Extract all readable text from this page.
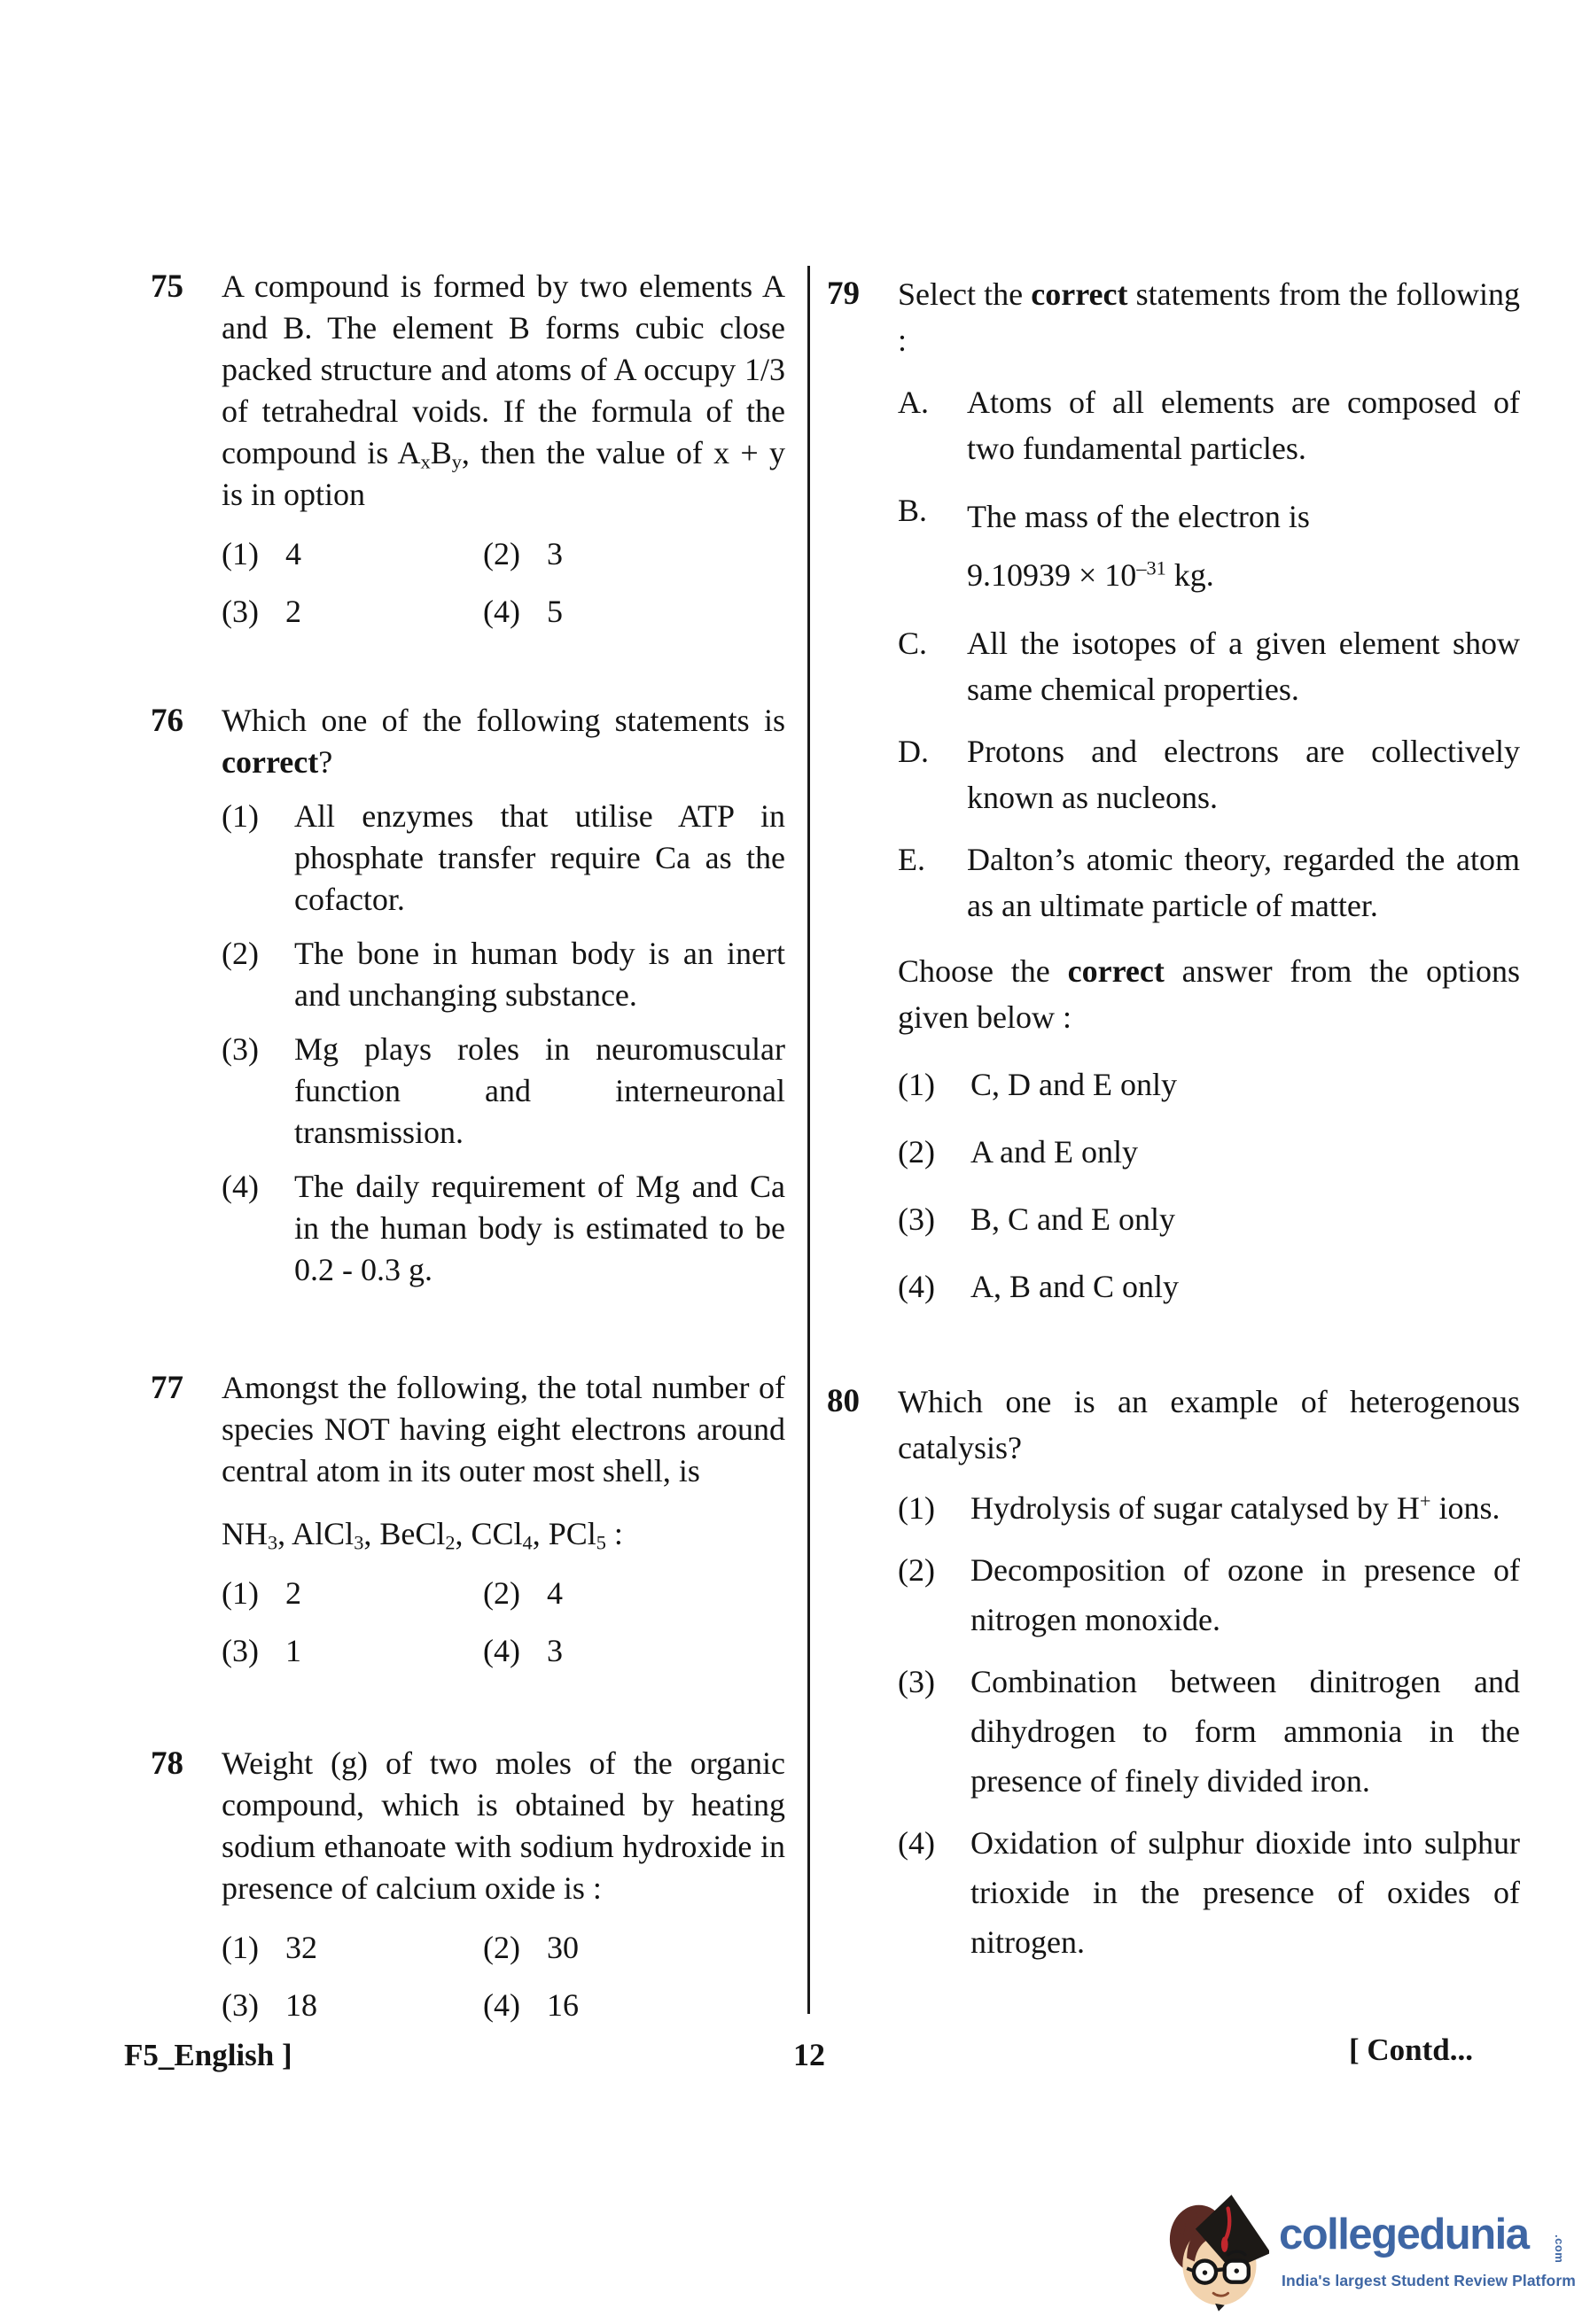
75	A compound is formed by two elements A and B. The element B forms cubic close packed structure and atoms of A occupy 1/3 of tetrahedral voids. If the formula of the compound is $A_xB_y$, then the value of x + y is in option

(1) 4	(2) 3
(3) 2	(4) 5
76	Which one of the following statements is correct?

(1)	All enzymes that utilise ATP in phosphate transfer require Ca as the cofactor.
(2)	The bone in human body is an inert and unchanging substance.
(3)	Mg plays roles in neuromuscular function and interneuronal transmission.
(4)	The daily requirement of Mg and Ca in the human body is estimated to be 0.2 - 0.3 g.
77	Amongst the following, the total number of species NOT having eight electrons around central atom in its outer most shell, is

$NH_3$, AlCl$_3$, BeCl$_2$, CCl$_4$, PCl$_5$ :

(1) 2	(2) 4
(3) 1	(4) 3
78	Weight (g) of two moles of the organic compound, which is obtained by heating sodium ethanoate with sodium hydroxide in presence of calcium oxide is :

(1) 32	(2) 30
(3) 18	(4) 16
79	Select the correct statements from the following :

A.	Atoms of all elements are composed of two fundamental particles.
B.	The mass of the electron is
$9.10939 \times 10^{-31}$ kg.
C.	All the isotopes of a given element show same chemical properties.
D.	Protons and electrons are collectively known as nucleons.
E.	Dalton’s atomic theory, regarded the atom as an ultimate particle of matter.

Choose the correct answer from the options given below :

(1)	C, D and E only
(2)	A and E only
(3)	B, C and E only
(4)	A, B and C only
80	Which one is an example of heterogenous catalysis?

(1)	Hydrolysis of sugar catalysed by H+ ions.
(2)	Decomposition of ozone in presence of nitrogen monoxide.
(3)	Combination between dinitrogen and dihydrogen to form ammonia in the presence of finely divided iron.
(4)	Oxidation of sulphur dioxide into sulphur trioxide in the presence of oxides of nitrogen.
F5_English ]	12	[ Contd...
collegedunia .com
India's largest Student Review Platform
